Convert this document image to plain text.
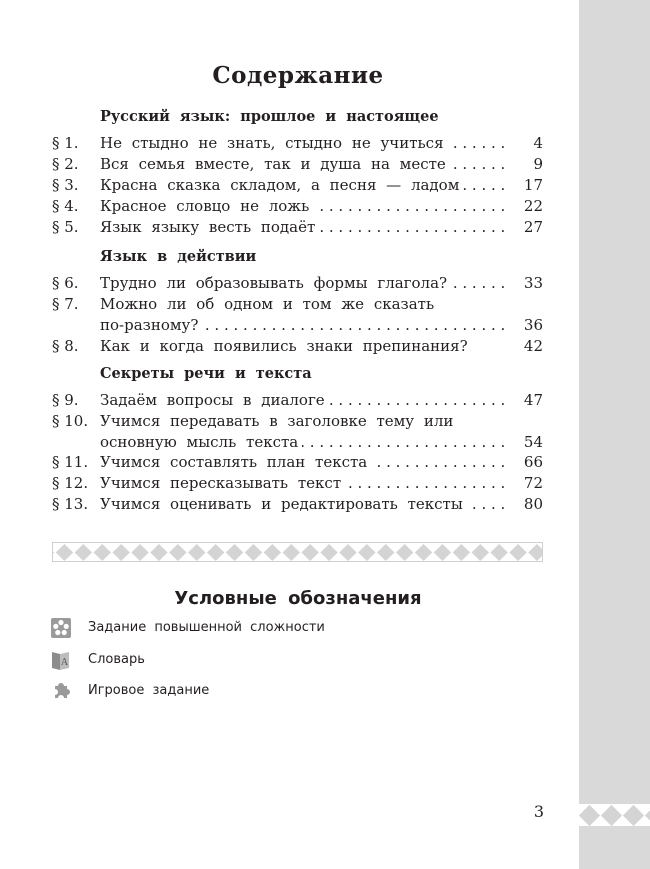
Содержание
Русский язык: прошлое и настоящее
§ 1. Не стыдно не знать, стыдно не учиться . . .	4
§ 2. Вся семья вместе, так и душа на месте . . .	9
§ 3. Красна сказка складом, а песня — ладом . . .	17
§ 4. Красное словцо не ложь . . .	22
§ 5. Язык языку весть подаёт . . .	27
Язык в действии
§ 6. Трудно ли образовывать формы глагола? . . .	33
§ 7. Можно ли об одном и том же сказать
по-разному? . . .	36
§ 8. Как и когда появились знаки препинания?	42
Секреты речи и текста
§ 9. Задаём вопросы в диалоге . . .	47
§ 10. Учимся передавать в заголовке тему или
основную мысль текста . . .	54
§ 11. Учимся составлять план текста . . .	66
§ 12. Учимся пересказывать текст . . .	72
§ 13. Учимся оценивать и редактировать тексты . . .	80
Условные обозначения
Задание повышенной сложности
A Словарь
Игровое задание
3
